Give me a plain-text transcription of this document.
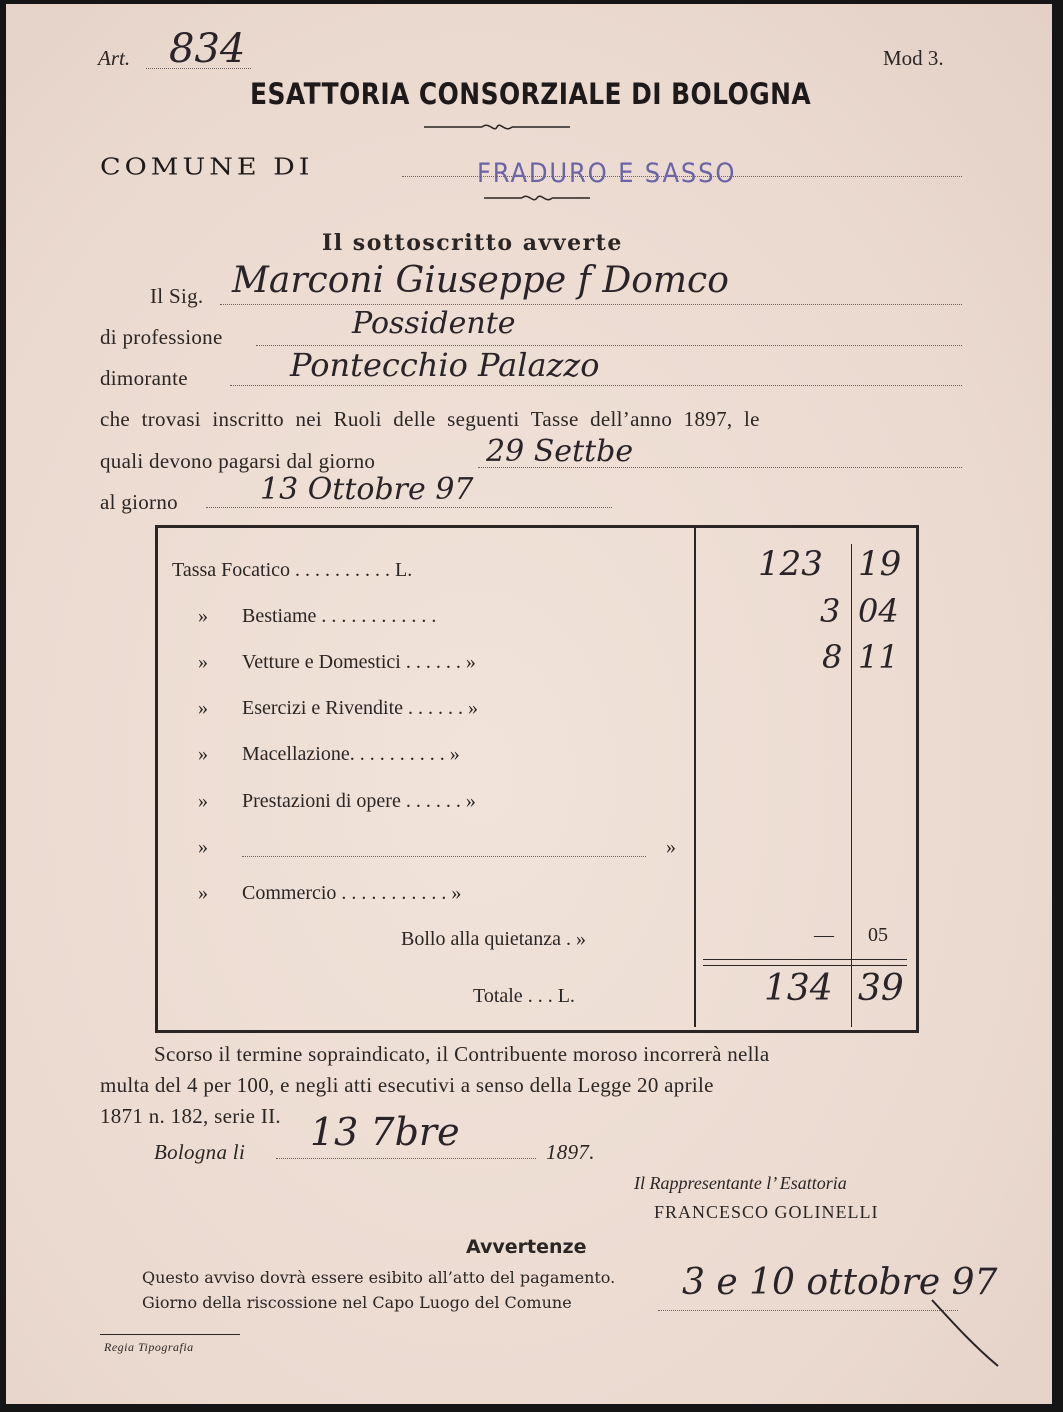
Art. 834	Mod 3.
ESATTORIA CONSORZIALE DI BOLOGNA
COMUNE DI	FRADURO E SASSO
Il sottoscritto avverte
Il Sig. Marconi Giuseppe f Domco
di professione	Possidente
dimorante	Pontecchio Palazzo
che trovasi inscritto nei Ruoli delle seguenti Tasse dell’anno 1897, le
quali devono pagarsi dal giorno	29 Settbe
al giorno	13 Ottobre 97
Tassa Focatico . . . . . . . . . . L.	123 19
» Bestiame . . . . . . . . . . . .	3 04
» Vetture e Domestici . . . . . . »	8 11
» Esercizi e Rivendite . . . . . . »
» Macellazione. . . . . . . . . . »
» Prestazioni di opere . . . . . . »
»	»
» Commercio . . . . . . . . . . . »
Bollo alla quietanza . »	— 05
Totale . . . L.	134 39
Scorso il termine sopraindicato, il Contribuente moroso incorrerà nella
multa del 4 per 100, e negli atti esecutivi a senso della Legge 20 aprile
1871 n. 182, serie II.
Bologna li 13 7bre	1897.
Il Rappresentante l’ Esattoria
FRANCESCO GOLINELLI
Avvertenze
Questo avviso dovrà essere esibito all’atto del pagamento.
Giorno della riscossione nel Capo Luogo del Comune	3 e 10 ottobre 97
Regia Tipografia
